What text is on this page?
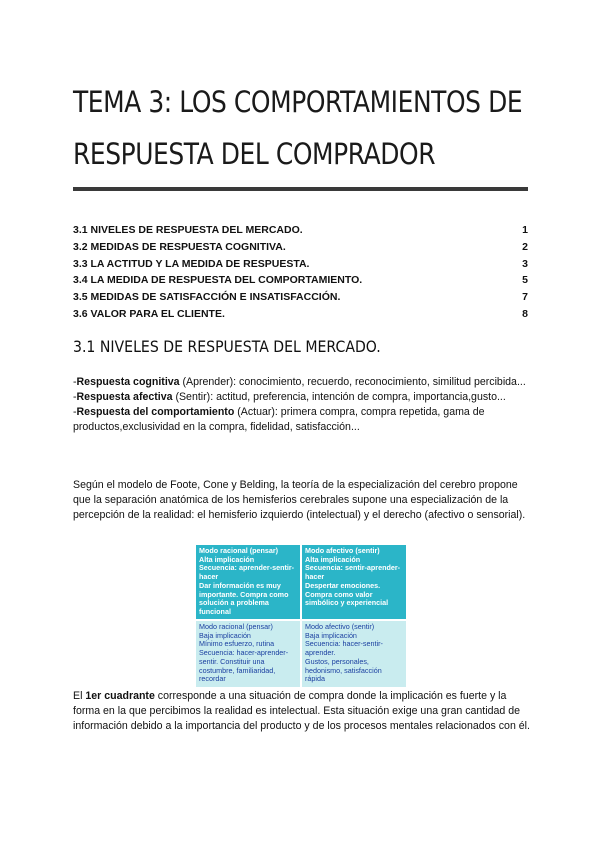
TEMA 3: LOS COMPORTAMIENTOS DE
RESPUESTA DEL COMPRADOR
3.1 NIVELES DE RESPUESTA DEL MERCADO.	1
3.2 MEDIDAS DE RESPUESTA COGNITIVA.	2
3.3 LA ACTITUD Y LA MEDIDA DE RESPUESTA.	3
3.4 LA MEDIDA DE RESPUESTA DEL COMPORTAMIENTO.	5
3.5 MEDIDAS DE SATISFACCIÓN E INSATISFACCIÓN.	7
3.6 VALOR PARA EL CLIENTE.	8
3.1 NIVELES DE RESPUESTA DEL MERCADO.

-Respuesta cognitiva (Aprender): conocimiento, recuerdo, reconocimiento, similitud percibida...
-Respuesta afectiva (Sentir): actitud, preferencia, intención de compra, importancia,gusto...
-Respuesta del comportamiento (Actuar): primera compra, compra repetida, gama de productos,exclusividad en la compra, fidelidad, satisfacción...

Según el modelo de Foote, Cone y Belding, la teoría de la especialización del cerebro propone que la separación anatómica de los hemisferios cerebrales supone una especialización de la percepción de la realidad: el hemisferio izquierdo (intelectual) y el derecho (afectivo o sensorial).

Modo racional (pensar)
Alta implicación
Secuencia: aprender-sentir-hacer
Dar información es muy importante. Compra como solución a problema funcional
Modo afectivo (sentir)
Alta implicación
Secuencia: sentir-aprender-hacer
Despertar emociones. Compra como valor simbólico y experiencial
Modo racional (pensar)
Baja implicación
Mínimo esfuerzo, rutina
Secuencia: hacer-aprender-sentir. Constituir una costumbre, familiaridad, recordar
Modo afectivo (sentir)
Baja implicación
Secuencia: hacer-sentir-aprender.
Gustos, personales, hedonismo, satisfacción rápida

El 1er cuadrante corresponde a una situación de compra donde la implicación es fuerte y la forma en la que percibimos la realidad es intelectual. Esta situación exige una gran cantidad de información debido a la importancia del producto y de los procesos mentales relacionados con él.
